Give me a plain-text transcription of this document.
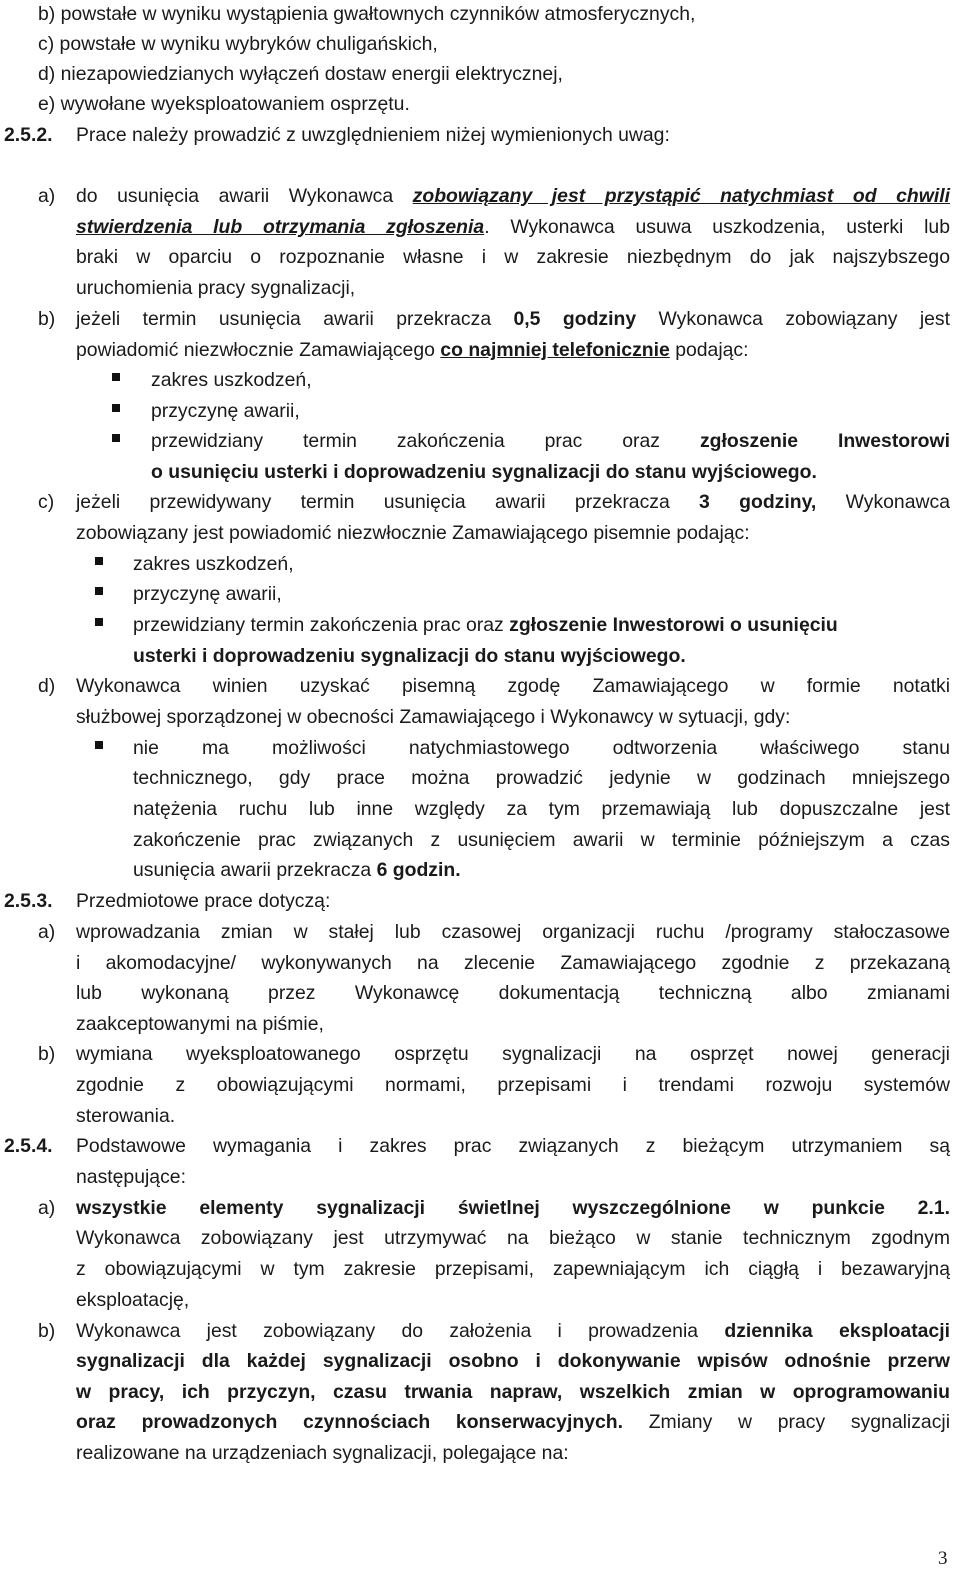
b) powstałe w wyniku wystąpienia gwałtownych czynników atmosferycznych,
c) powstałe w wyniku wybryków chuligańskich,
d) niezapowiedzianych wyłączeń dostaw energii elektrycznej,
e) wywołane wyeksploatowaniem osprzętu.
2.5.2. Prace należy prowadzić z uwzględnieniem niżej wymienionych uwag:
a) do usunięcia awarii Wykonawca zobowiązany jest przystąpić natychmiast od chwili
stwierdzenia lub otrzymania zgłoszenia. Wykonawca usuwa uszkodzenia, usterki lub
braki w oparciu o rozpoznanie własne i w zakresie niezbędnym do jak najszybszego
uruchomienia pracy sygnalizacji,
b) jeżeli termin usunięcia awarii przekracza 0,5 godziny Wykonawca zobowiązany jest
powiadomić niezwłocznie Zamawiającego co najmniej telefonicznie podając:
zakres uszkodzeń,
przyczynę awarii,
przewidziany termin zakończenia prac oraz zgłoszenie Inwestorowi
o usunięciu usterki i doprowadzeniu sygnalizacji do stanu wyjściowego.
c) jeżeli przewidywany termin usunięcia awarii przekracza 3 godziny, Wykonawca
zobowiązany jest powiadomić niezwłocznie Zamawiającego pisemnie podając:
zakres uszkodzeń,
przyczynę awarii,
przewidziany termin zakończenia prac oraz zgłoszenie Inwestorowi o usunięciu
usterki i doprowadzeniu sygnalizacji do stanu wyjściowego.
d) Wykonawca winien uzyskać pisemną zgodę Zamawiającego w formie notatki
służbowej sporządzonej w obecności Zamawiającego i Wykonawcy w sytuacji, gdy:
nie ma możliwości natychmiastowego odtworzenia właściwego stanu
technicznego, gdy prace można prowadzić jedynie w godzinach mniejszego
natężenia ruchu lub inne względy za tym przemawiają lub dopuszczalne jest
zakończenie prac związanych z usunięciem awarii w terminie późniejszym a czas
usunięcia awarii przekracza 6 godzin.
2.5.3. Przedmiotowe prace dotyczą:
a) wprowadzania zmian w stałej lub czasowej organizacji ruchu /programy stałoczasowe
i akomodacyjne/ wykonywanych na zlecenie Zamawiającego zgodnie z przekazaną
lub wykonaną przez Wykonawcę dokumentacją techniczną albo zmianami
zaakceptowanymi na piśmie,
b) wymiana wyeksploatowanego osprzętu sygnalizacji na osprzęt nowej generacji
zgodnie z obowiązującymi normami, przepisami i trendami rozwoju systemów
sterowania.
2.5.4. Podstawowe wymagania i zakres prac związanych z bieżącym utrzymaniem są
następujące:
a) wszystkie elementy sygnalizacji świetlnej wyszczególnione w punkcie 2.1.
Wykonawca zobowiązany jest utrzymywać na bieżąco w stanie technicznym zgodnym
z obowiązującymi w tym zakresie przepisami, zapewniającym ich ciągłą i bezawaryjną
eksploatację,
b) Wykonawca jest zobowiązany do założenia i prowadzenia dziennika eksploatacji
sygnalizacji dla każdej sygnalizacji osobno i dokonywanie wpisów odnośnie przerw
w pracy, ich przyczyn, czasu trwania napraw, wszelkich zmian w oprogramowaniu
oraz prowadzonych czynnościach konserwacyjnych. Zmiany w pracy sygnalizacji
realizowane na urządzeniach sygnalizacji, polegające na:
3
